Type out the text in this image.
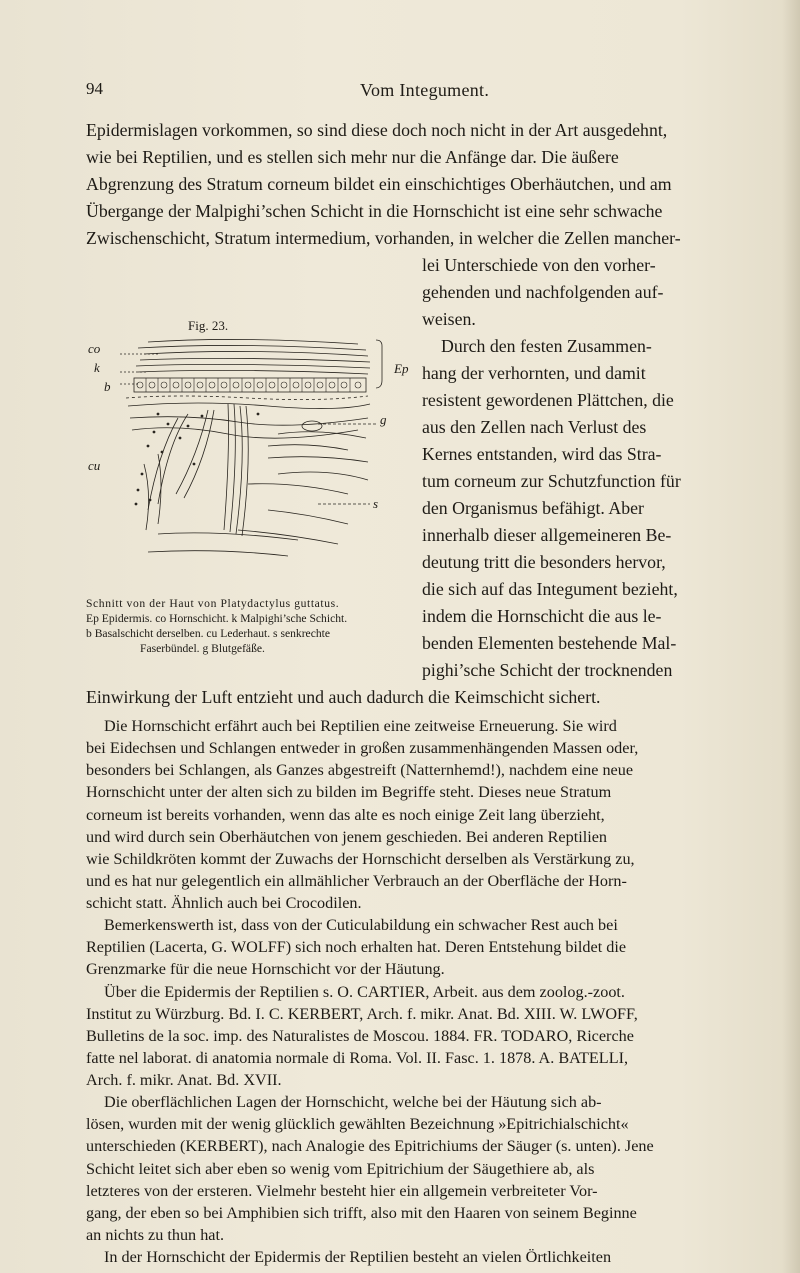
94	Vom Integument.
Epidermislagen vorkommen, so sind diese doch noch nicht in der Art ausgedehnt,
wie bei Reptilien, und es stellen sich mehr nur die Anfänge dar. Die äußere
Abgrenzung des Stratum corneum bildet ein einschichtiges Oberhäutchen, und am
Übergange der Malpighi’schen Schicht in die Hornschicht ist eine sehr schwache
Zwischenschicht, Stratum intermedium, vorhanden, in welcher die Zellen mancher-
lei Unterschiede von den vorher-
gehenden und nachfolgenden auf-
weisen.
Durch den festen Zusammen-
hang der verhornten, und damit
resistent gewordenen Plättchen, die
aus den Zellen nach Verlust des
Kernes entstanden, wird das Stra-
tum corneum zur Schutzfunction für
den Organismus befähigt. Aber
innerhalb dieser allgemeineren Be-
deutung tritt die besonders hervor,
die sich auf das Integument bezieht,
indem die Hornschicht die aus le-
benden Elementen bestehende Mal-
pighi’sche Schicht der trocknenden
Fig. 23.
co
k
b
cu
Ep
g
s
Schnitt von der Haut von Platydactylus guttatus.
Ep Epidermis. co Hornschicht. k Malpighi’sche Schicht.
b Basalschicht derselben. cu Lederhaut. s senkrechte
Faserbündel. g Blutgefäße.
Einwirkung der Luft entzieht und auch dadurch die Keimschicht sichert.
Die Hornschicht erfährt auch bei Reptilien eine zeitweise Erneuerung. Sie wird
bei Eidechsen und Schlangen entweder in großen zusammenhängenden Massen oder,
besonders bei Schlangen, als Ganzes abgestreift (Natternhemd!), nachdem eine neue
Hornschicht unter der alten sich zu bilden im Begriffe steht. Dieses neue Stratum
corneum ist bereits vorhanden, wenn das alte es noch einige Zeit lang überzieht,
und wird durch sein Oberhäutchen von jenem geschieden. Bei anderen Reptilien
wie Schildkröten kommt der Zuwachs der Hornschicht derselben als Verstärkung zu,
und es hat nur gelegentlich ein allmählicher Verbrauch an der Oberfläche der Horn-
schicht statt. Ähnlich auch bei Crocodilen.
Bemerkenswerth ist, dass von der Cuticulabildung ein schwacher Rest auch bei
Reptilien (Lacerta, G. WOLFF) sich noch erhalten hat. Deren Entstehung bildet die
Grenzmarke für die neue Hornschicht vor der Häutung.
Über die Epidermis der Reptilien s. O. CARTIER, Arbeit. aus dem zoolog.-zoot.
Institut zu Würzburg. Bd. I. C. KERBERT, Arch. f. mikr. Anat. Bd. XIII. W. LWOFF,
Bulletins de la soc. imp. des Naturalistes de Moscou. 1884. FR. TODARO, Ricerche
fatte nel laborat. di anatomia normale di Roma. Vol. II. Fasc. 1. 1878. A. BATELLI,
Arch. f. mikr. Anat. Bd. XVII.
Die oberflächlichen Lagen der Hornschicht, welche bei der Häutung sich ab-
lösen, wurden mit der wenig glücklich gewählten Bezeichnung »Epitrichialschicht«
unterschieden (KERBERT), nach Analogie des Epitrichiums der Säuger (s. unten). Jene
Schicht leitet sich aber eben so wenig vom Epitrichium der Säugethiere ab, als
letzteres von der ersteren. Vielmehr besteht hier ein allgemein verbreiteter Vor-
gang, der eben so bei Amphibien sich trifft, also mit den Haaren von seinem Beginne
an nichts zu thun hat.
In der Hornschicht der Epidermis der Reptilien besteht an vielen Örtlichkeiten
